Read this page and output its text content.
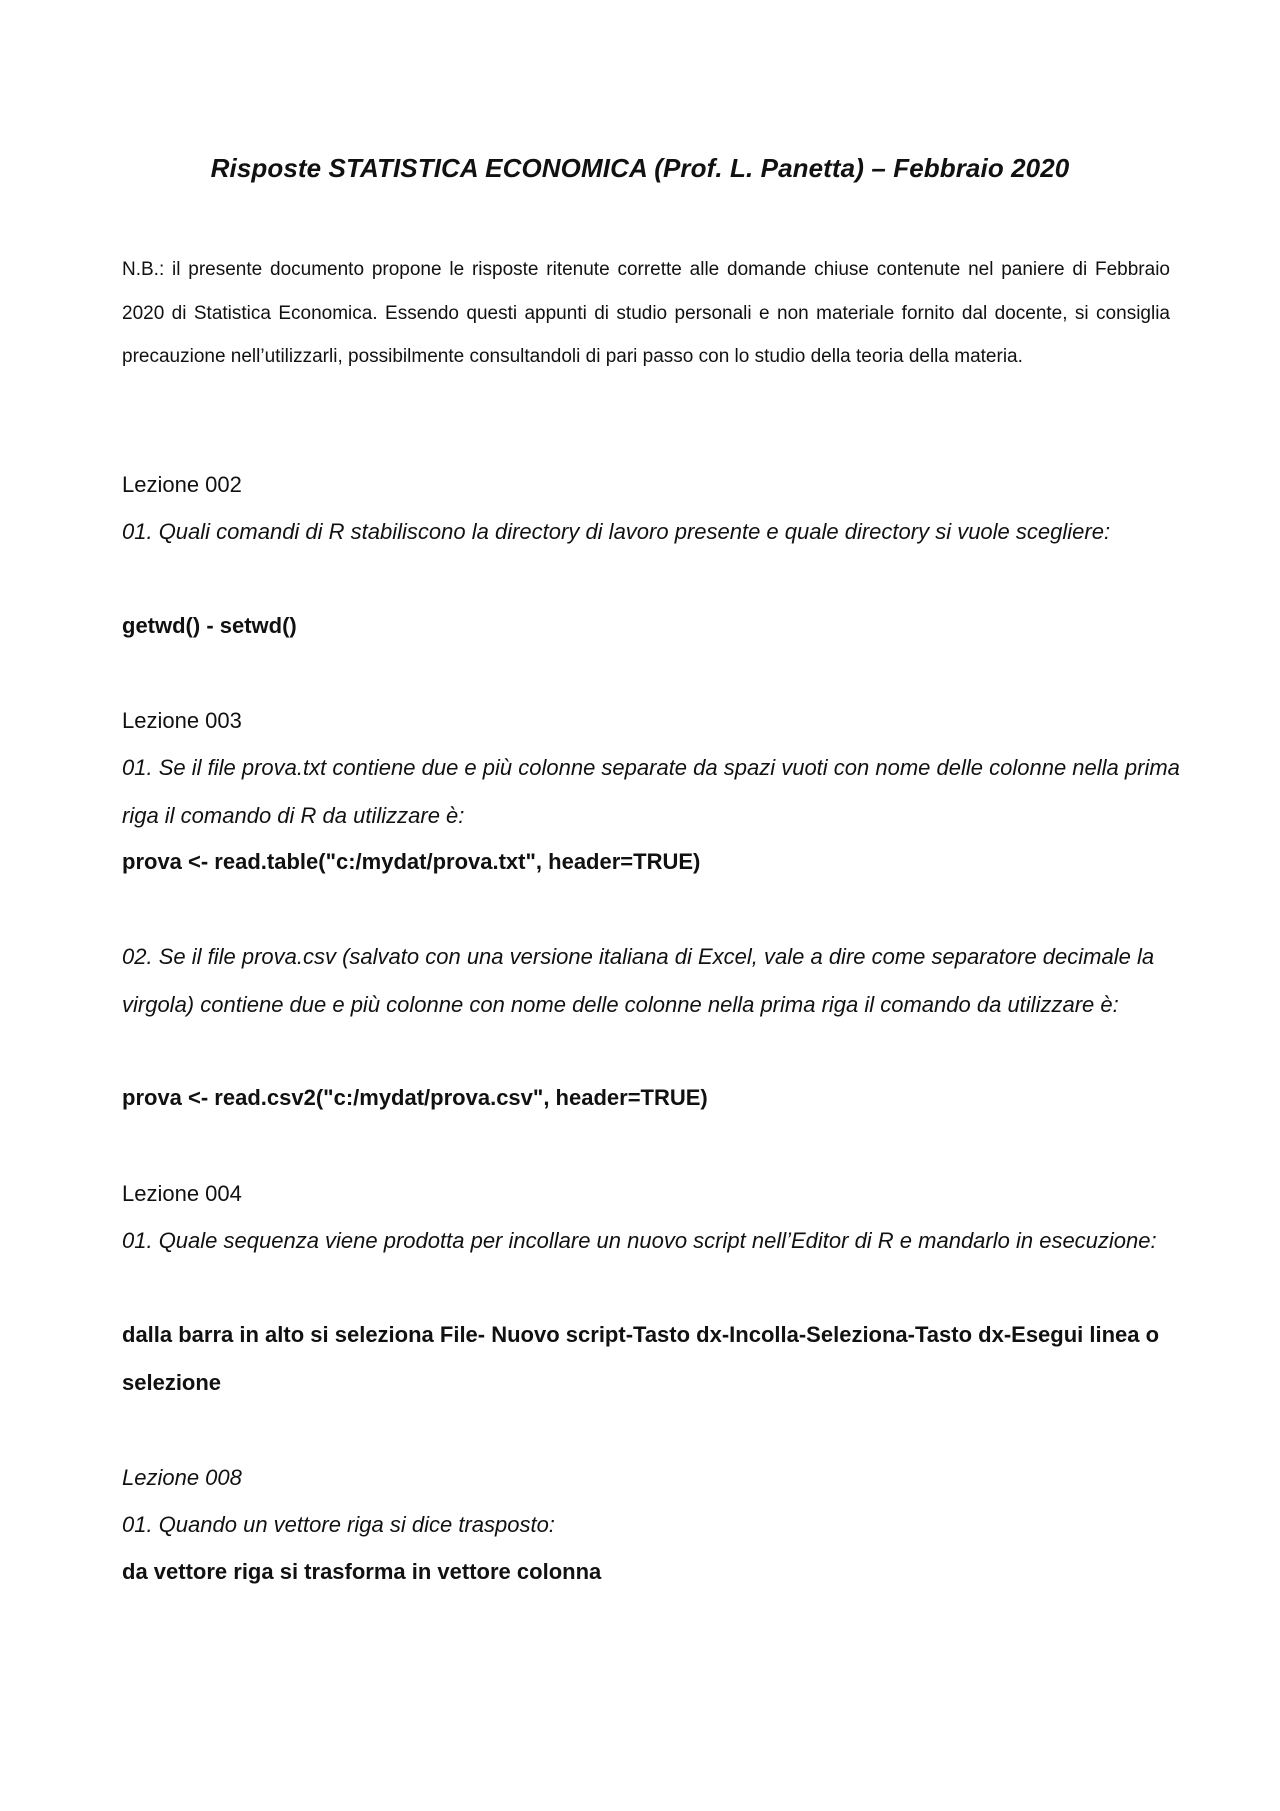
Risposte STATISTICA ECONOMICA (Prof. L. Panetta) – Febbraio 2020
N.B.: il presente documento propone le risposte ritenute corrette alle domande chiuse contenute nel paniere di Febbraio 2020 di Statistica Economica. Essendo questi appunti di studio personali e non materiale fornito dal docente, si consiglia precauzione nell’utilizzarli, possibilmente consultandoli di pari passo con lo studio della teoria della materia.
Lezione 002
01. Quali comandi di R stabiliscono la directory di lavoro presente e quale directory si vuole scegliere:
getwd() - setwd()
Lezione 003
01. Se il file prova.txt contiene due e più colonne separate da spazi vuoti con nome delle colonne nella prima riga il comando di R da utilizzare è:
prova <- read.table("c:/mydat/prova.txt", header=TRUE)
02. Se il file prova.csv (salvato con una versione italiana di Excel, vale a dire come separatore decimale la virgola) contiene due e più colonne con nome delle colonne nella prima riga il comando da utilizzare è:
prova <- read.csv2("c:/mydat/prova.csv", header=TRUE)
Lezione 004
01. Quale sequenza viene prodotta per incollare un nuovo script nell’Editor di R e mandarlo in esecuzione:
dalla barra in alto si seleziona File- Nuovo script-Tasto dx-Incolla-Seleziona-Tasto dx-Esegui linea o selezione
Lezione 008
01. Quando un vettore riga si dice trasposto:
da vettore riga si trasforma in vettore colonna
